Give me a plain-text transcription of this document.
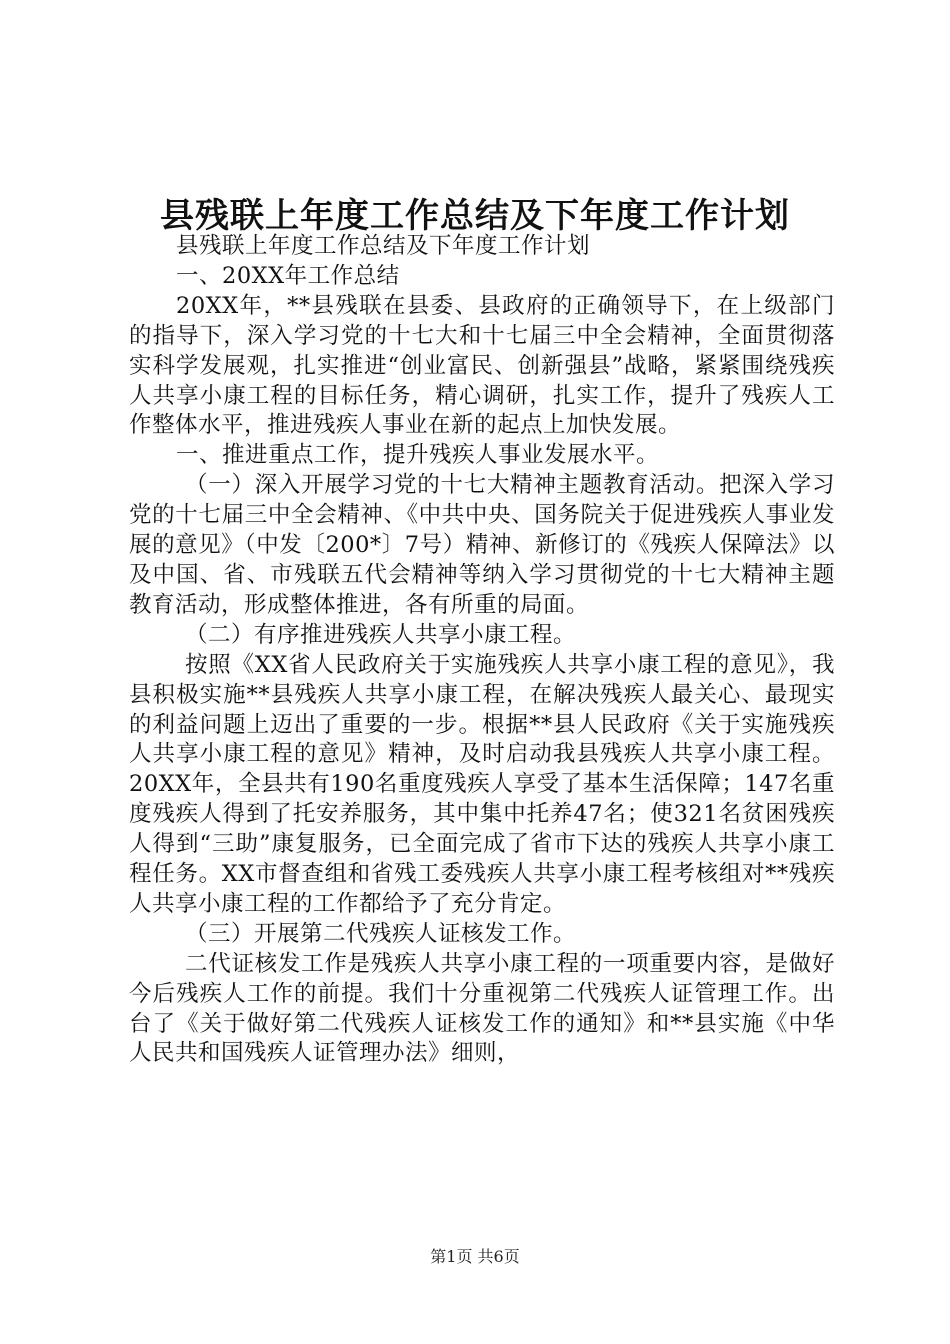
县残联上年度工作总结及下年度工作计划

县残联上年度工作总结及下年度工作计划

一、20XX年工作总结

20XX年，**县残联在县委、县政府的正确领导下，在上级部门的指导下，深入学习党的十七大和十七届三中全会精神，全面贯彻落实科学发展观，扎实推进“创业富民、创新强县”战略，紧紧围绕残疾人共享小康工程的目标任务，精心调研，扎实工作，提升了残疾人工作整体水平，推进残疾人事业在新的起点上加快发展。

一、推进重点工作，提升残疾人事业发展水平。

（一）深入开展学习党的十七大精神主题教育活动。把深入学习党的十七届三中全会精神、《中共中央、国务院关于促进残疾人事业发展的意见》（中发〔200*〕7号）精神、新修订的《残疾人保障法》以及中国、省、市残联五代会精神等纳入学习贯彻党的十七大精神主题教育活动，形成整体推进，各有所重的局面。

（二）有序推进残疾人共享小康工程。

按照《XX省人民政府关于实施残疾人共享小康工程的意见》，我县积极实施**县残疾人共享小康工程，在解决残疾人最关心、最现实的利益问题上迈出了重要的一步。根据**县人民政府《关于实施残疾人共享小康工程的意见》精神，及时启动我县残疾人共享小康工程。20XX年，全县共有190名重度残疾人享受了基本生活保障；147名重度残疾人得到了托安养服务，其中集中托养47名；使321名贫困残疾人得到“三助”康复服务，已全面完成了省市下达的残疾人共享小康工程任务。XX市督查组和省残工委残疾人共享小康工程考核组对**残疾人共享小康工程的工作都给予了充分肯定。

（三）开展第二代残疾人证核发工作。

二代证核发工作是残疾人共享小康工程的一项重要内容，是做好今后残疾人工作的前提。我们十分重视第二代残疾人证管理工作。出台了《关于做好第二代残疾人证核发工作的通知》和**县实施《中华人民共和国残疾人证管理办法》细则，

第1页 共6页
